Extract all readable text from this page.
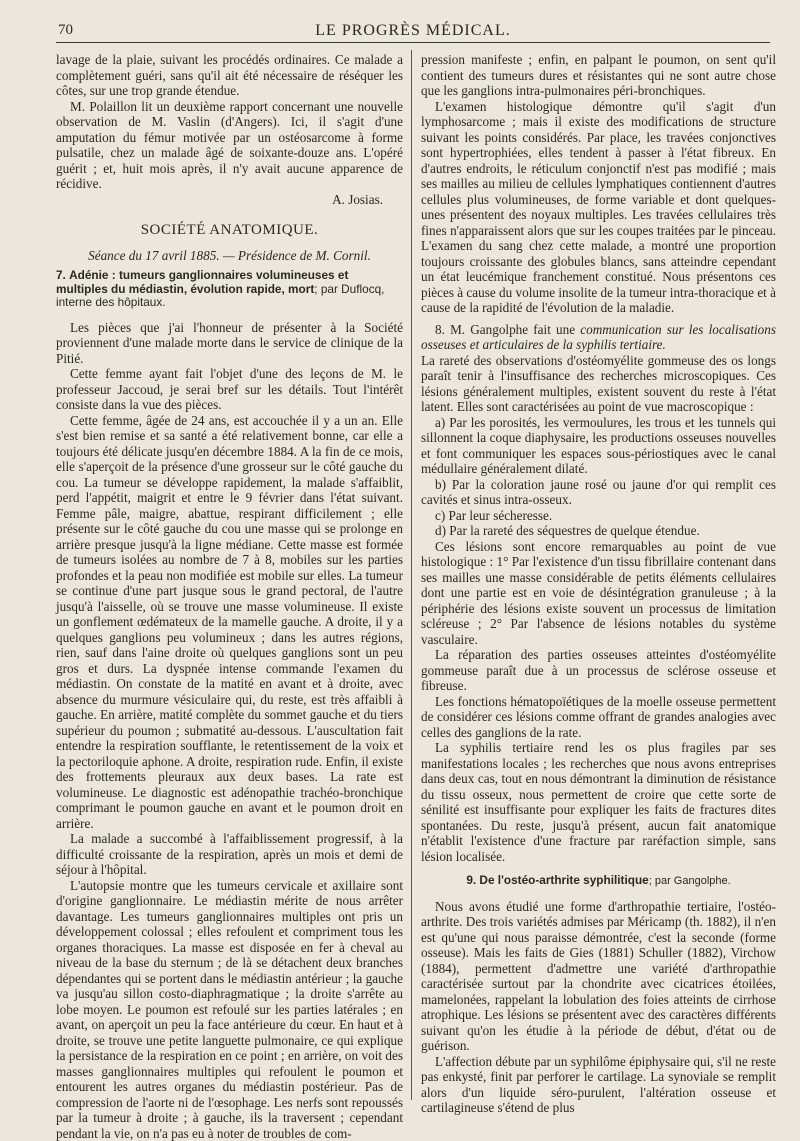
70	LE PROGRÈS MÉDICAL.

lavage de la plaie, suivant les procédés ordinaires. Ce malade a complètement guéri, sans qu'il ait été nécessaire de réséquer les côtes, sur une trop grande étendue.

M. Polaillon lit un deuxième rapport concernant une nouvelle observation de M. Vaslin (d'Angers). Ici, il s'agit d'une amputation du fémur motivée par un ostéosarcome à forme pulsatile, chez un malade âgé de soixante-douze ans. L'opéré guérit ; et, huit mois après, il n'y avait aucune apparence de récidive.

A. Josias.

SOCIÉTÉ ANATOMIQUE.
Séance du 17 avril 1885. — Présidence de M. Cornil.

7. Adénie : tumeurs ganglionnaires volumineuses et multiples du médiastin, évolution rapide, mort; par Duflocq, interne des hôpitaux.

Les pièces que j'ai l'honneur de présenter à la Société proviennent d'une malade morte dans le service de clinique de la Pitié.

Cette femme ayant fait l'objet d'une des leçons de M. le professeur Jaccoud, je serai bref sur les détails. Tout l'intérêt consiste dans la vue des pièces.

Cette femme, âgée de 24 ans, est accouchée il y a un an. Elle s'est bien remise et sa santé a été relativement bonne, car elle a toujours été délicate jusqu'en décembre 1884. A la fin de ce mois, elle s'aperçoit de la présence d'une grosseur sur le côté gauche du cou. La tumeur se développe rapidement, la malade s'affaiblit, perd l'appétit, maigrit et entre le 9 février dans l'état suivant. Femme pâle, maigre, abattue, respirant difficilement ; elle présente sur le côté gauche du cou une masse qui se prolonge en arrière presque jusqu'à la ligne médiane. Cette masse est formée de tumeurs isolées au nombre de 7 à 8, mobiles sur les parties profondes et la peau non modifiée est mobile sur elles. La tumeur se continue d'une part jusque sous le grand pectoral, de l'autre jusqu'à l'aisselle, où se trouve une masse volumineuse. Il existe un gonflement œdémateux de la mamelle gauche. A droite, il y a quelques ganglions peu volumineux ; dans les autres régions, rien, sauf dans l'aine droite où quelques ganglions sont un peu gros et durs. La dyspnée intense commande l'examen du médiastin. On constate de la matité en avant et à droite, avec absence du murmure vésiculaire qui, du reste, est très affaibli à gauche. En arrière, matité complète du sommet gauche et du tiers supérieur du poumon ; submatité au-dessous. L'auscultation fait entendre la respiration soufflante, le retentissement de la voix et la pectoriloquie aphone. A droite, respiration rude. Enfin, il existe des frottements pleuraux aux deux bases. La rate est volumineuse. Le diagnostic est adénopathie trachéo-bronchique comprimant le poumon gauche en avant et le poumon droit en arrière.

La malade a succombé à l'affaiblissement progressif, à la difficulté croissante de la respiration, après un mois et demi de séjour à l'hôpital.

L'autopsie montre que les tumeurs cervicale et axillaire sont d'origine ganglionnaire. Le médiastin mérite de nous arrêter davantage. Les tumeurs ganglionnaires multiples ont pris un développement colossal ; elles refoulent et compriment tous les organes thoraciques. La masse est disposée en fer à cheval au niveau de la base du sternum ; de là se détachent deux branches dépendantes qui se portent dans le médiastin antérieur ; la gauche va jusqu'au sillon costo-diaphragmatique ; la droite s'arrête au lobe moyen. Le poumon est refoulé sur les parties latérales ; en avant, on aperçoit un peu la face antérieure du cœur. En haut et à droite, se trouve une petite languette pulmonaire, ce qui explique la persistance de la respiration en ce point ; en arrière, on voit des masses ganglionnaires multiples qui refoulent le poumon et entourent les autres organes du médiastin postérieur. Pas de compression de l'aorte ni de l'œsophage. Les nerfs sont repoussés par la tumeur à droite ; à gauche, ils la traversent ; cependant pendant la vie, on n'a pas eu à noter de troubles de com-

pression manifeste ; enfin, en palpant le poumon, on sent qu'il contient des tumeurs dures et résistantes qui ne sont autre chose que les ganglions intra-pulmonaires péri-bronchiques.

L'examen histologique démontre qu'il s'agit d'un lymphosarcome ; mais il existe des modifications de structure suivant les points considérés. Par place, les travées conjonctives sont hypertrophiées, elles tendent à passer à l'état fibreux. En d'autres endroits, le réticulum conjonctif n'est pas modifié ; mais ses mailles au milieu de cellules lymphatiques contiennent d'autres cellules plus volumineuses, de forme variable et dont quelques-unes présentent des noyaux multiples. Les travées cellulaires très fines n'apparaissent alors que sur les coupes traitées par le pinceau. L'examen du sang chez cette malade, a montré une proportion toujours croissante des globules blancs, sans atteindre cependant un état leucémique franchement constitué. Nous présentons ces pièces à cause du volume insolite de la tumeur intra-thoracique et à cause de la rapidité de l'évolution de la maladie.

8. M. Gangolphe fait une communication sur les localisations osseuses et articulaires de la syphilis tertiaire.

La rareté des observations d'ostéomyélite gommeuse des os longs paraît tenir à l'insuffisance des recherches microscopiques. Ces lésions généralement multiples, existent souvent du reste à l'état latent. Elles sont caractérisées au point de vue macroscopique :

a) Par les porosités, les vermoulures, les trous et les tunnels qui sillonnent la coque diaphysaire, les productions osseuses nouvelles et font communiquer les espaces sous-périostiques avec le canal médullaire généralement dilaté.

b) Par la coloration jaune rosé ou jaune d'or qui remplit ces cavités et sinus intra-osseux.

c) Par leur sécheresse.

d) Par la rareté des séquestres de quelque étendue.

Ces lésions sont encore remarquables au point de vue histologique : 1° Par l'existence d'un tissu fibrillaire contenant dans ses mailles une masse considérable de petits éléments cellulaires dont une partie est en voie de désintégration granuleuse ; à la périphérie des lésions existe souvent un processus de limitation scléreuse ; 2° Par l'absence de lésions notables du système vasculaire.

La réparation des parties osseuses atteintes d'ostéomyélite gommeuse paraît due à un processus de sclérose osseuse et fibreuse.

Les fonctions hématopoïétiques de la moelle osseuse permettent de considérer ces lésions comme offrant de grandes analogies avec celles des ganglions de la rate.

La syphilis tertiaire rend les os plus fragiles par ses manifestations locales ; les recherches que nous avons entreprises dans deux cas, tout en nous démontrant la diminution de résistance du tissu osseux, nous permettent de croire que cette sorte de sénilité est insuffisante pour expliquer les faits de fractures dites spontanées. Du reste, jusqu'à présent, aucun fait anatomique n'établit l'existence d'une fracture par raréfaction simple, sans lésion localisée.

9. De l'ostéo-arthrite syphilitique; par Gangolphe.

Nous avons étudié une forme d'arthropathie tertiaire, l'ostéo-arthrite. Des trois variétés admises par Méricamp (th. 1882), il n'en est qu'une qui nous paraisse démontrée, c'est la seconde (forme osseuse). Mais les faits de Gies (1881) Schuller (1882), Virchow (1884), permettent d'admettre une variété d'arthropathie caractérisée surtout par la chondrite avec cicatrices étoilées, mamelonées, rappelant la lobulation des foies atteints de cirrhose atrophique. Les lésions se présentent avec des caractères différents suivant qu'on les étudie à la période de début, d'état ou de guérison.

L'affection débute par un syphilôme épiphysaire qui, s'il ne reste pas enkysté, finit par perforer le cartilage. La synoviale se remplit alors d'un liquide séro-purulent, l'altération osseuse et cartilagineuse s'étend de plus
